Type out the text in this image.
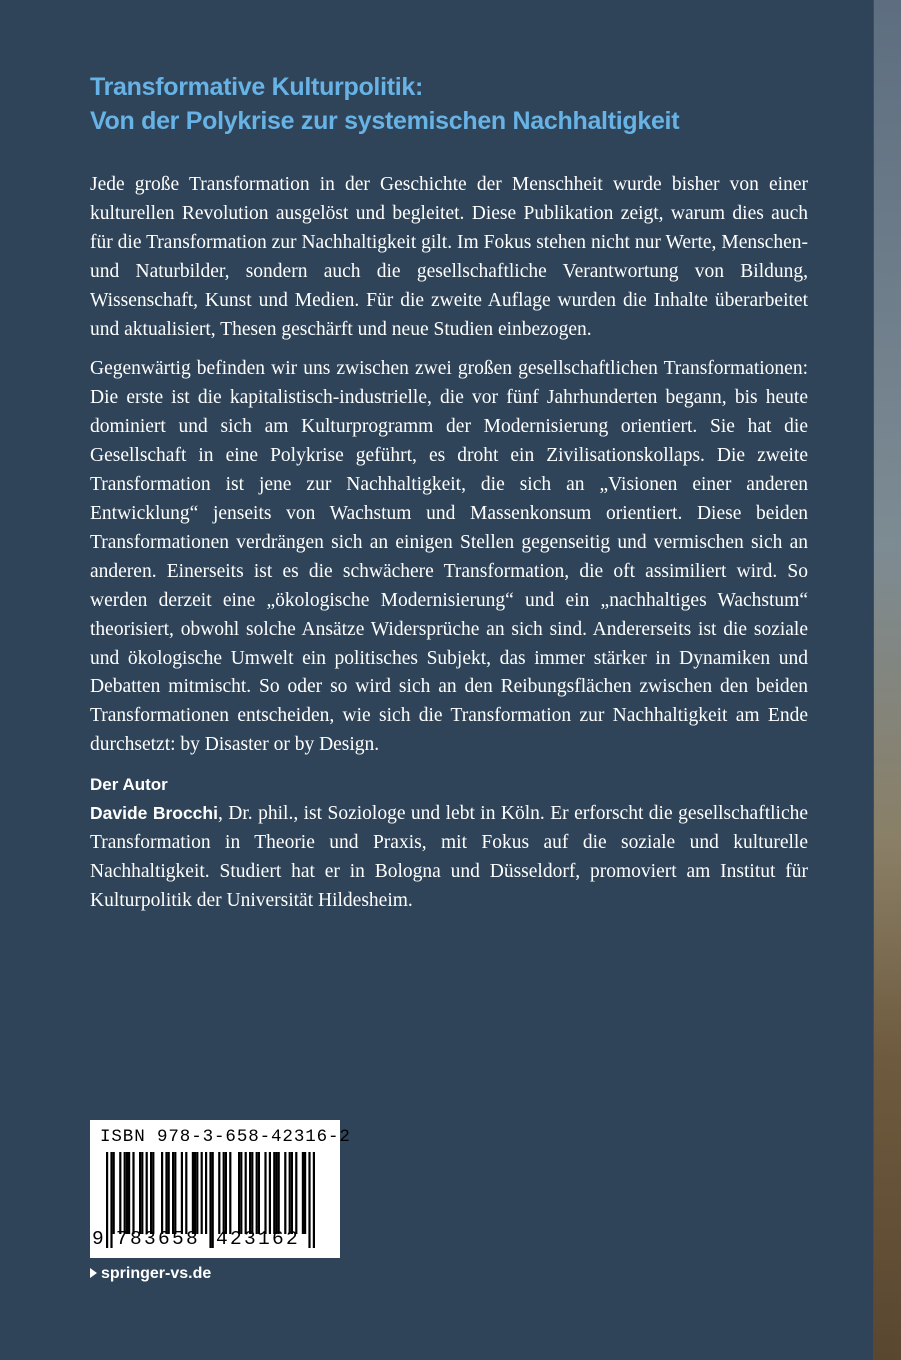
Transformative Kulturpolitik:
Von der Polykrise zur systemischen Nachhaltigkeit

Jede große Transformation in der Geschichte der Menschheit wurde bisher von einer kulturellen Revolution ausgelöst und begleitet. Diese Publikation zeigt, warum dies auch für die Transformation zur Nachhaltigkeit gilt. Im Fokus stehen nicht nur Werte, Menschen- und Naturbilder, sondern auch die gesellschaftliche Verantwortung von Bildung, Wissenschaft, Kunst und Medien. Für die zweite Auflage wurden die Inhalte überarbeitet und aktualisiert, Thesen geschärft und neue Studien einbezogen.

Gegenwärtig befinden wir uns zwischen zwei großen gesellschaftlichen Transformationen: Die erste ist die kapitalistisch-industrielle, die vor fünf Jahrhunderten begann, bis heute dominiert und sich am Kulturprogramm der Modernisierung orientiert. Sie hat die Gesellschaft in eine Polykrise geführt, es droht ein Zivilisationskollaps. Die zweite Transformation ist jene zur Nachhaltigkeit, die sich an „Visionen einer anderen Entwicklung“ jenseits von Wachstum und Massenkonsum orientiert. Diese beiden Transformationen verdrängen sich an einigen Stellen gegenseitig und vermischen sich an anderen. Einerseits ist es die schwächere Transformation, die oft assimiliert wird. So werden derzeit eine „ökologische Modernisierung“ und ein „nachhaltiges Wachstum“ theorisiert, obwohl solche Ansätze Widersprüche an sich sind. Andererseits ist die soziale und ökologische Umwelt ein politisches Subjekt, das immer stärker in Dynamiken und Debatten mitmischt. So oder so wird sich an den Reibungsflächen zwischen den beiden Transformationen entscheiden, wie sich die Transformation zur Nachhaltigkeit am Ende durchsetzt: by Disaster or by Design.

Der Autor

Davide Brocchi, Dr. phil., ist Soziologe und lebt in Köln. Er erforscht die gesellschaftliche Transformation in Theorie und Praxis, mit Fokus auf die soziale und kulturelle Nachhaltigkeit. Studiert hat er in Bologna und Düsseldorf, promoviert am Institut für Kulturpolitik der Universität Hildesheim.

ISBN 978-3-658-42316-2
9 783658 423162
springer-vs.de
